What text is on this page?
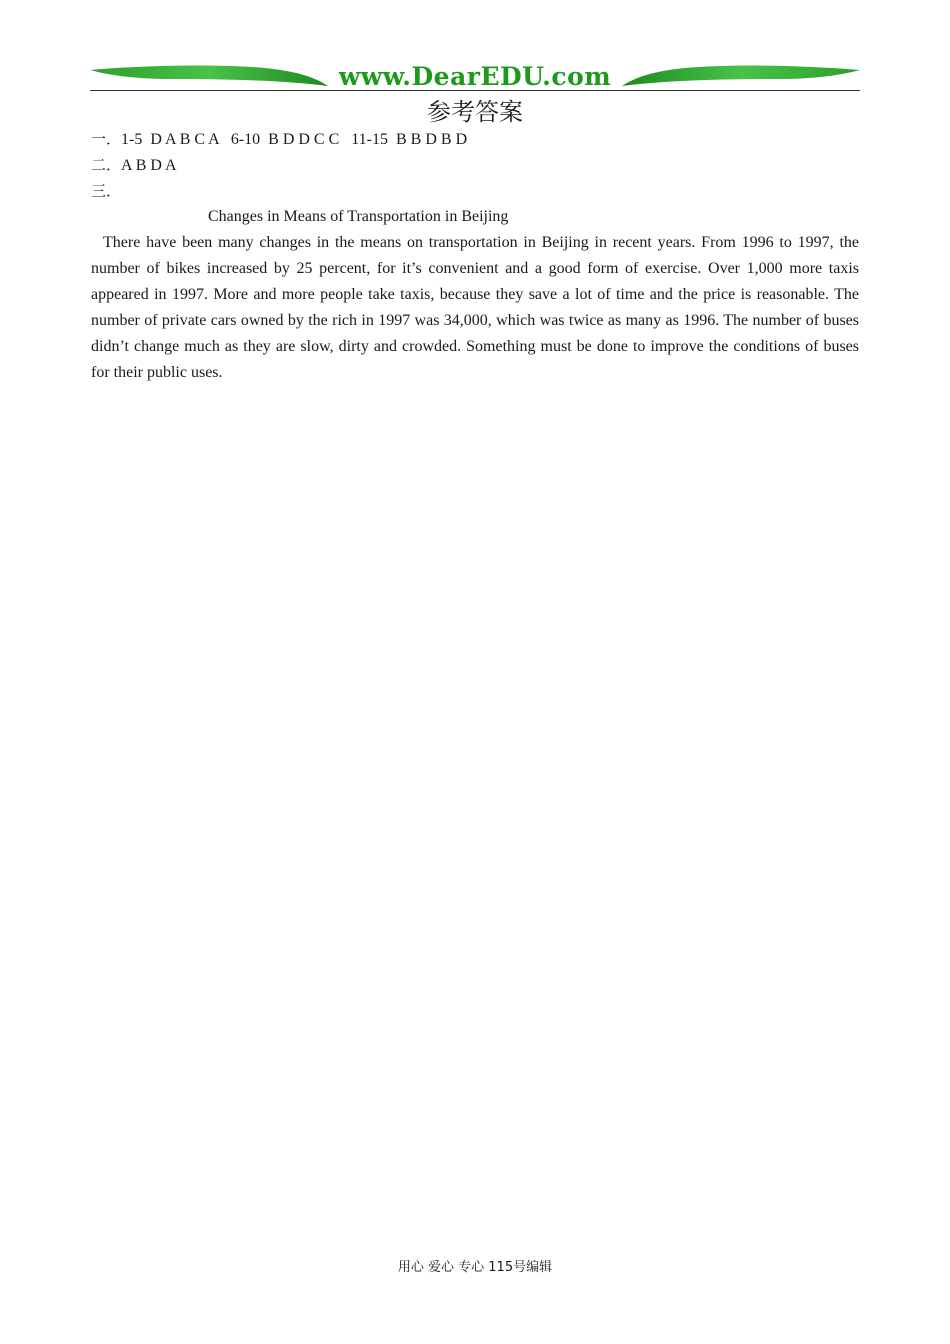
www.DearEDU.com
参考答案
一．1-5  D A B C A   6-10  B D D C C   11-15  B B D B D
二．A B D A
三．
Changes in Means of Transportation in Beijing

There have been many changes in the means on transportation in Beijing in recent years. From 1996 to 1997, the number of bikes increased by 25 percent, for it’s convenient and a good form of exercise. Over 1,000 more taxis appeared in 1997. More and more people take taxis, because they save a lot of time and the price is reasonable. The number of private cars owned by the rich in 1997 was 34,000, which was twice as many as 1996. The number of buses didn’t change much as they are slow, dirty and crowded. Something must be done to improve the conditions of buses for their public uses.

用心 爱心 专心 115号编辑
